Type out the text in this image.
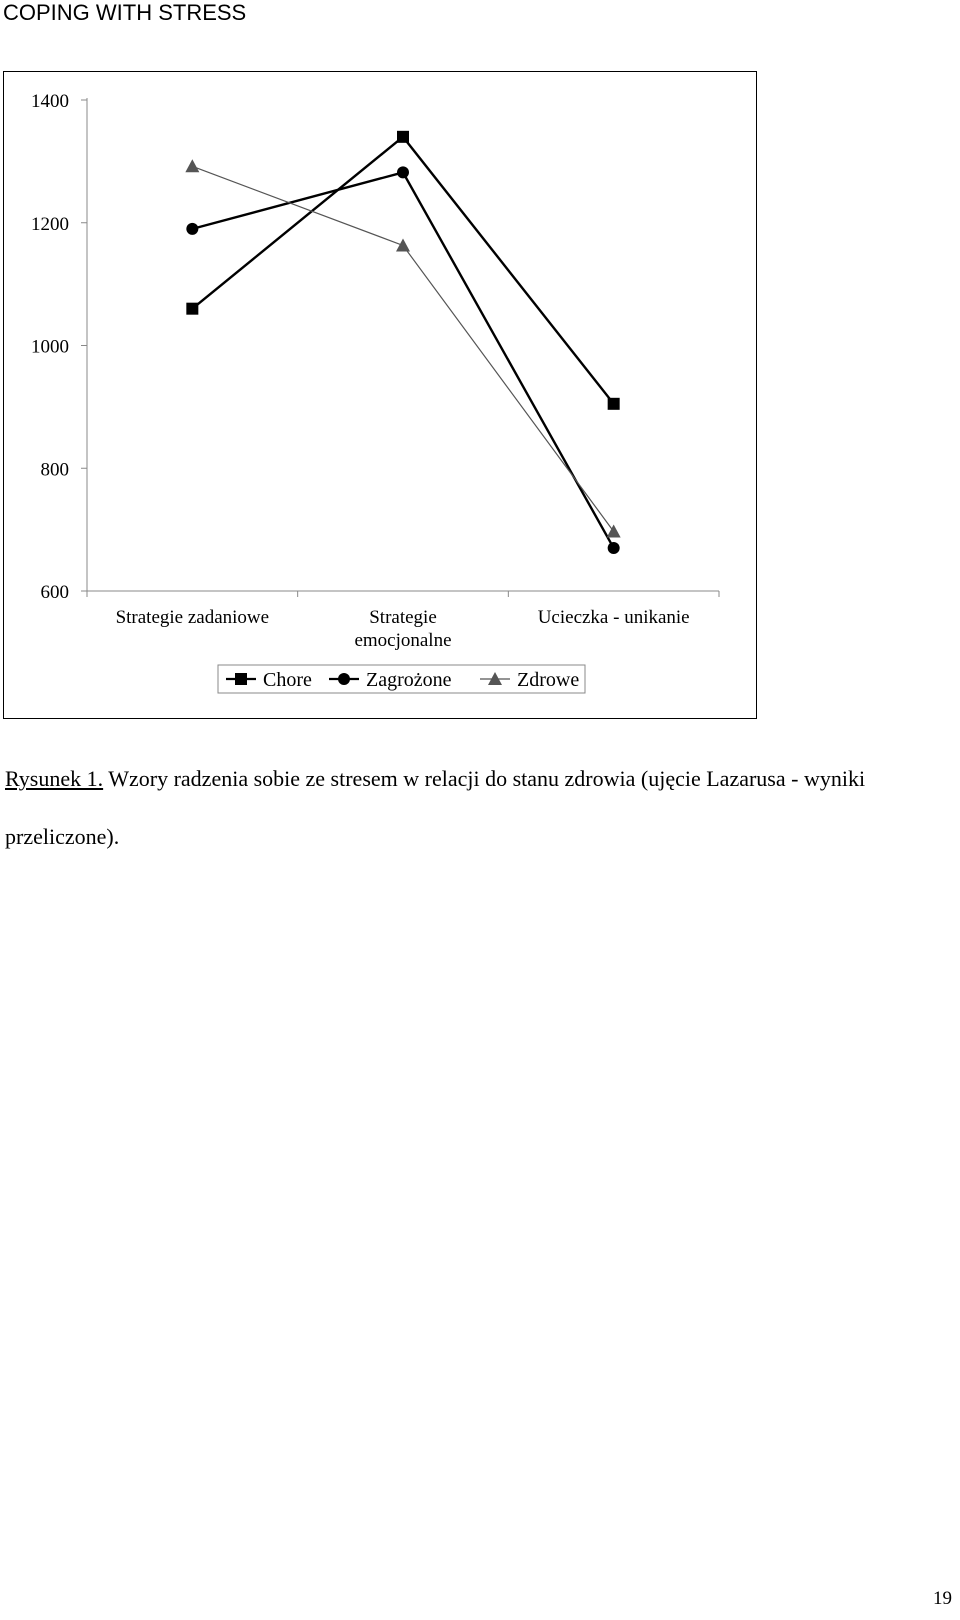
COPING WITH STRESS
600
800
1000
1200
1400
Strategie zadaniowe	Strategie
emocjonalne
Ucieczka - unikanie
Chore	Zagrożone	Zdrowe
Rysunek 1. Wzory radzenia sobie ze stresem w relacji do stanu zdrowia (ujęcie Lazarusa - wyniki przeliczone).
19
